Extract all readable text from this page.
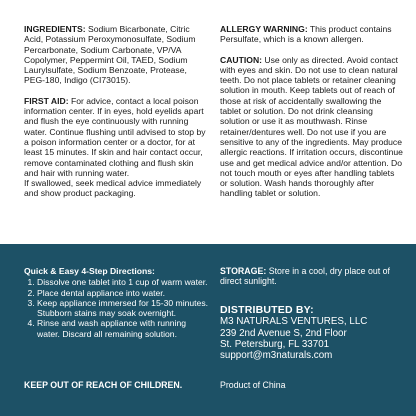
INGREDIENTS: Sodium Bicarbonate, Citric Acid, Potassium Peroxymonosulfate, Sodium Percarbonate, Sodium Carbonate, VP/VA Copolymer, Peppermint Oil, TAED, Sodium Laurylsulfate, Sodium Benzoate, Protease, PEG-180, Indigo (CI73015).

FIRST AID: For advice, contact a local poison information center. If in eyes, hold eyelids apart and flush the eye continuously with running water. Continue flushing until advised to stop by a poison information center or a doctor, for at least 15 minutes. If skin and hair contact occur, remove contaminated clothing and flush skin and hair with running water.

If swallowed, seek medical advice immediately and show product packaging.

ALLERGY WARNING: This product contains Persulfate, which is a known allergen.

CAUTION: Use only as directed. Avoid contact with eyes and skin. Do not use to clean natural teeth. Do not place tablets or retainer cleaning solution in mouth. Keep tablets out of reach of those at risk of accidentally swallowing the tablet or solution. Do not drink cleansing solution or use it as mouthwash. Rinse retainer/dentures well. Do not use if you are sensitive to any of the ingredients. May produce allergic reactions. If irritation occurs, discontinue use and get medical advice and/or attention. Do not touch mouth or eyes after handling tablets or solution. Wash hands thoroughly after handling tablet or solution.

Quick & Easy 4-Step Directions:

1. Dissolve one tablet into 1 cup of warm water.
2. Place dental appliance into water.
3. Keep appliance immersed for 15-30 minutes. Stubborn stains may soak overnight.
4. Rinse and wash appliance with running water. Discard all remaining solution.

STORAGE: Store in a cool, dry place out of direct sunlight.

DISTRIBUTED BY:

M3 NATURALS VENTURES, LLC

239 2nd Avenue S, 2nd Floor

St. Petersburg, FL 33701

support@m3naturals.com

KEEP OUT OF REACH OF CHILDREN.	Product of China
